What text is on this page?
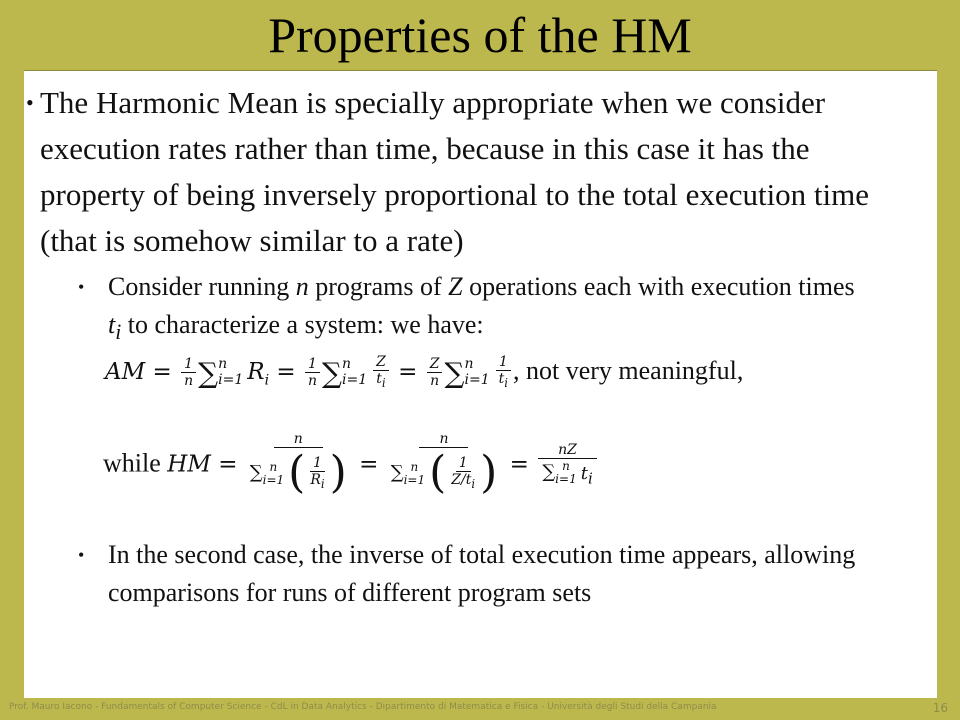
Properties of the HM
• The Harmonic Mean is specially appropriate when we consider execution rates rather than time, because in this case it has the property of being inversely proportional to the total execution time (that is somehow similar to a rate)
• Consider running n programs of Z operations each with execution times $t_i$ to characterize a system: we have:
AM = $\frac{1}{n}$ ∑ n
i=1 $R_i = \frac{1}{n}$ ∑ n
$i=1 \frac{Z}{t_i} = \frac{Z}{n}$ ∑ n
$i=1 \frac{1}{t_i}$ , not very meaningful,
while HM = n
∑ n
i=1 ( $\frac{1}{R_i}$ ) = n
∑ n
i=1 ( $\frac{1}{Z/t_i}$ ) = nZ
∑ n
i=1 $t_i$
• In the second case, the inverse of total execution time appears, allowing comparisons for runs of different program sets
Prof. Mauro Iacono - Fundamentals of Computer Science - CdL in Data Analytics - Dipartimento di Matematica e Fisica - Università degli Studi della Campania	16
